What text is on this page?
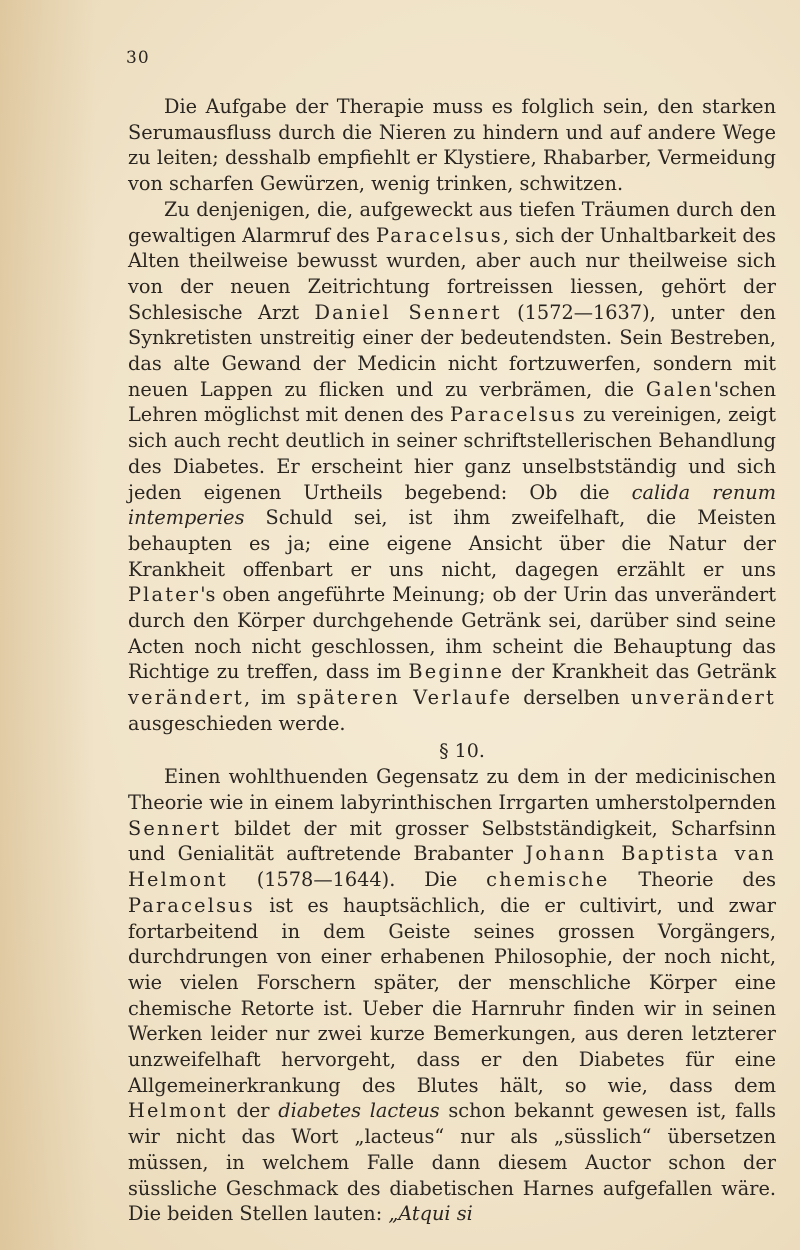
30

Die Aufgabe der Therapie muss es folglich sein, den starken Serumausfluss durch die Nieren zu hindern und auf andere Wege zu leiten; desshalb empfiehlt er Klystiere, Rhabarber, Vermeidung von scharfen Gewürzen, wenig trinken, schwitzen.

Zu denjenigen, die, aufgeweckt aus tiefen Träumen durch den gewaltigen Alarmruf des Paracelsus, sich der Unhaltbarkeit des Alten theilweise bewusst wurden, aber auch nur theilweise sich von der neuen Zeitrichtung fortreissen liessen, gehört der Schlesische Arzt Daniel Sennert (1572—1637), unter den Synkretisten unstreitig einer der bedeutendsten. Sein Bestreben, das alte Gewand der Medicin nicht fortzuwerfen, sondern mit neuen Lappen zu flicken und zu verbrämen, die Galen'schen Lehren möglichst mit denen des Paracelsus zu vereinigen, zeigt sich auch recht deutlich in seiner schriftstellerischen Behandlung des Diabetes. Er erscheint hier ganz unselbstständig und sich jeden eigenen Urtheils begebend: Ob die calida renum intemperies Schuld sei, ist ihm zweifelhaft, die Meisten behaupten es ja; eine eigene Ansicht über die Natur der Krankheit offenbart er uns nicht, dagegen erzählt er uns Plater's oben angeführte Meinung; ob der Urin das unverändert durch den Körper durchgehende Getränk sei, darüber sind seine Acten noch nicht geschlossen, ihm scheint die Behauptung das Richtige zu treffen, dass im Beginne der Krankheit das Getränk verändert, im späteren Verlaufe derselben unverändert ausgeschieden werde.

§ 10.

Einen wohlthuenden Gegensatz zu dem in der medicinischen Theorie wie in einem labyrinthischen Irrgarten umherstolpernden Sennert bildet der mit grosser Selbstständigkeit, Scharfsinn und Genialität auftretende Brabanter Johann Baptista van Helmont (1578—1644). Die chemische Theorie des Paracelsus ist es hauptsächlich, die er cultivirt, und zwar fortarbeitend in dem Geiste seines grossen Vorgängers, durchdrungen von einer erhabenen Philosophie, der noch nicht, wie vielen Forschern später, der menschliche Körper eine chemische Retorte ist. Ueber die Harnruhr finden wir in seinen Werken leider nur zwei kurze Bemerkungen, aus deren letzterer unzweifelhaft hervorgeht, dass er den Diabetes für eine Allgemeinerkrankung des Blutes hält, so wie, dass dem Helmont der diabetes lacteus schon bekannt gewesen ist, falls wir nicht das Wort „lacteus“ nur als „süsslich“ übersetzen müssen, in welchem Falle dann diesem Auctor schon der süssliche Geschmack des diabetischen Harnes aufgefallen wäre. Die beiden Stellen lauten: „Atqui si
